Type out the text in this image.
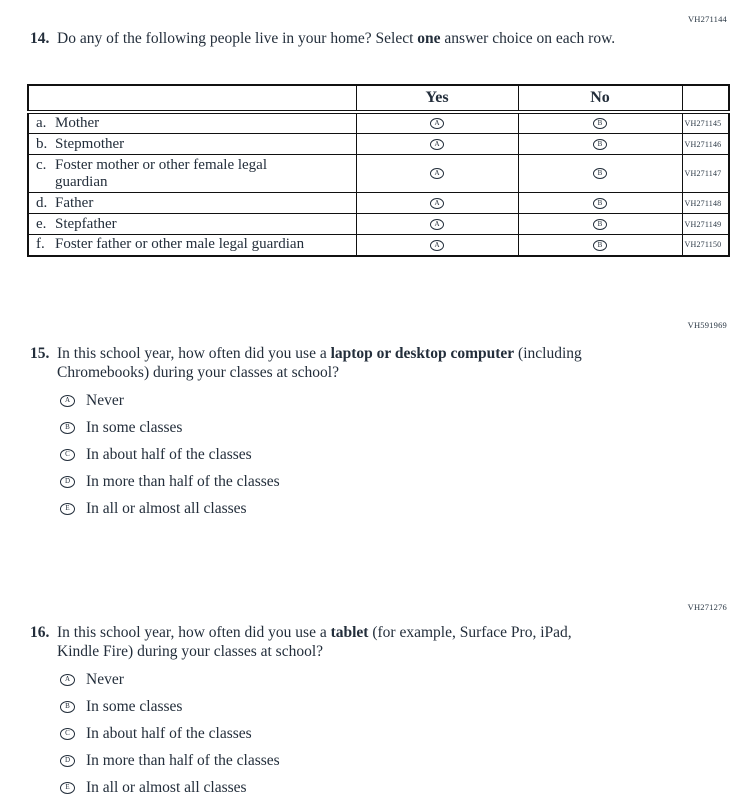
VH271144
14. Do any of the following people live in your home? Select one answer choice on each row.
	Yes	No	

a. Mother	A	B	VH271145

b. Stepmother	A	B	VH271146

c. Foster mother or other female legal guardian	A	B	VH271147

d. Father	A	B	VH271148

e. Stepfather	A	B	VH271149

f. Foster father or other male legal guardian	A	B	VH271150
VH591969
15. In this school year, how often did you use a laptop or desktop computer (including Chromebooks) during your classes at school?
A	Never
B	In some classes
C	In about half of the classes
D	In more than half of the classes
E	In all or almost all classes
VH271276
16. In this school year, how often did you use a tablet (for example, Surface Pro, iPad, Kindle Fire) during your classes at school?
A	Never
B	In some classes
C	In about half of the classes
D	In more than half of the classes
E	In all or almost all classes
